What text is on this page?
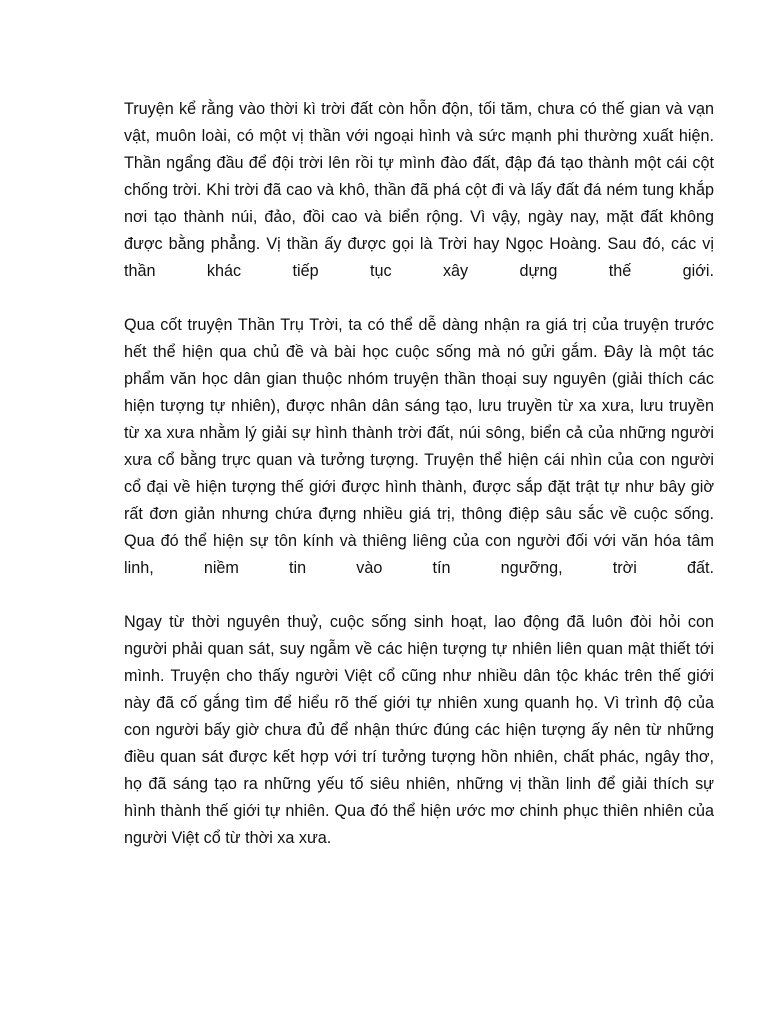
Truyện kể rằng vào thời kì trời đất còn hỗn độn, tối tăm, chưa có thế gian và vạn vật, muôn loài, có một vị thần với ngoại hình và sức mạnh phi thường xuất hiện. Thần ngẩng đầu để đội trời lên rồi tự mình đào đất, đập đá tạo thành một cái cột chống trời. Khi trời đã cao và khô, thần đã phá cột đi và lấy đất đá ném tung khắp nơi tạo thành núi, đảo, đồi cao và biển rộng. Vì vậy, ngày nay, mặt đất không được bằng phẳng. Vị thần ấy được gọi là Trời hay Ngọc Hoàng. Sau đó, các vị thần khác tiếp tục xây dựng thế giới.

Qua cốt truyện Thần Trụ Trời, ta có thể dễ dàng nhận ra giá trị của truyện trước hết thể hiện qua chủ đề và bài học cuộc sống mà nó gửi gắm. Đây là một tác phẩm văn học dân gian thuộc nhóm truyện thần thoại suy nguyên (giải thích các hiện tượng tự nhiên), được nhân dân sáng tạo, lưu truyền từ xa xưa, lưu truyền từ xa xưa nhằm lý giải sự hình thành trời đất, núi sông, biển cả của những người xưa cổ bằng trực quan và tưởng tượng. Truyện thể hiện cái nhìn của con người cổ đại về hiện tượng thế giới được hình thành, được sắp đặt trật tự như bây giờ rất đơn giản nhưng chứa đựng nhiều giá trị, thông điệp sâu sắc về cuộc sống. Qua đó thể hiện sự tôn kính và thiêng liêng của con người đối với văn hóa tâm linh, niềm tin vào tín ngưỡng, trời đất.

Ngay từ thời nguyên thuỷ, cuộc sống sinh hoạt, lao động đã luôn đòi hỏi con người phải quan sát, suy ngẫm về các hiện tượng tự nhiên liên quan mật thiết tới mình. Truyện cho thấy người Việt cổ cũng như nhiều dân tộc khác trên thế giới này đã cố gắng tìm để hiểu rõ thế giới tự nhiên xung quanh họ. Vì trình độ của con người bấy giờ chưa đủ để nhận thức đúng các hiện tượng ấy nên từ những điều quan sát được kết hợp với trí tưởng tượng hồn nhiên, chất phác, ngây thơ, họ đã sáng tạo ra những yếu tố siêu nhiên, những vị thần linh để giải thích sự hình thành thế giới tự nhiên. Qua đó thể hiện ước mơ chinh phục thiên nhiên của người Việt cổ từ thời xa xưa.
